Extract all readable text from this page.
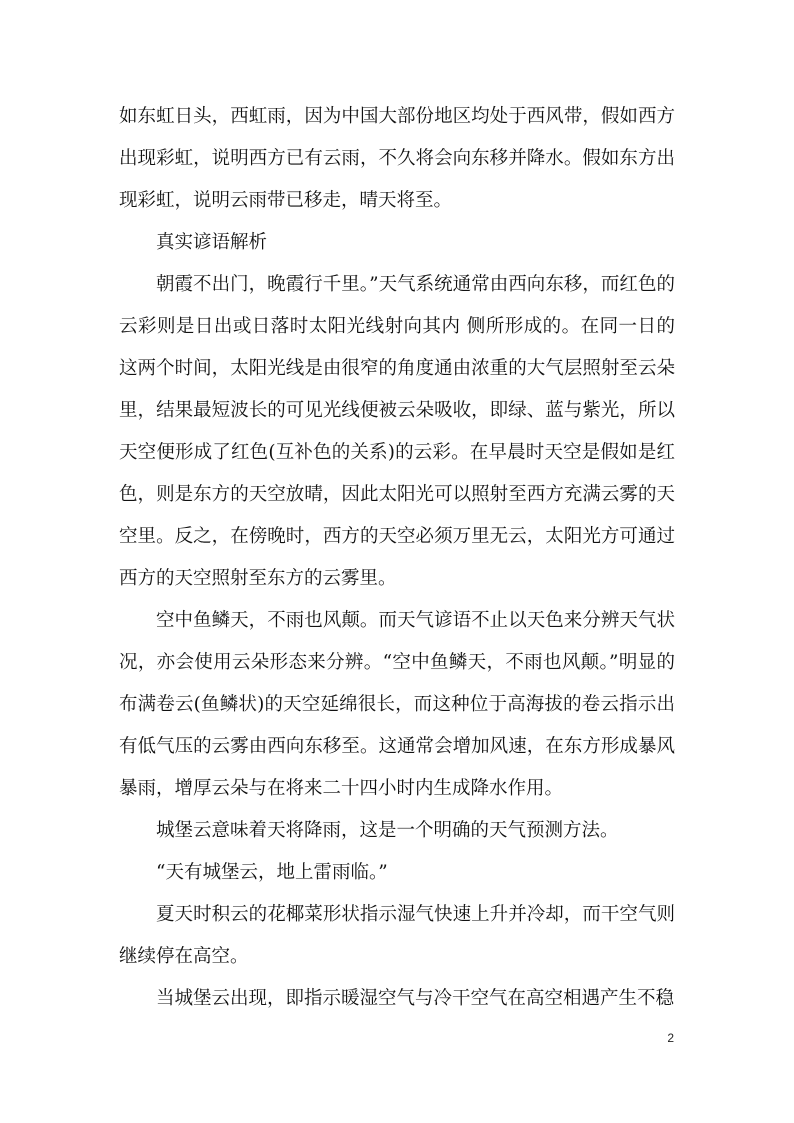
如东虹日头，西虹雨，因为中国大部份地区均处于西风带，假如西方出现彩虹，说明西方已有云雨，不久将会向东移并降水。假如东方出现彩虹，说明云雨带已移走，晴天将至。

真实谚语解析

朝霞不出门，晚霞行千里。”天气系统通常由西向东移，而红色的云彩则是日出或日落时太阳光线射向其内 侧所形成的。在同一日的这两个时间，太阳光线是由很窄的角度通由浓重的大气层照射至云朵里，结果最短波长的可见光线便被云朵吸收，即绿、蓝与紫光，所以天空便形成了红色(互补色的关系)的云彩。在早晨时天空是假如是红色，则是东方的天空放晴，因此太阳光可以照射至西方充满云雾的天空里。反之，在傍晚时，西方的天空必须万里无云，太阳光方可通过西方的天空照射至东方的云雾里。

空中鱼鳞天，不雨也风颠。而天气谚语不止以天色来分辨天气状况，亦会使用云朵形态来分辨。“空中鱼鳞天，不雨也风颠。”明显的布满卷云(鱼鳞状)的天空延绵很长，而这种位于高海拔的卷云指示出有低气压的云雾由西向东移至。这通常会增加风速，在东方形成暴风暴雨，增厚云朵与在将来二十四小时内生成降水作用。

城堡云意味着天将降雨，这是一个明确的天气预测方法。

“天有城堡云，地上雷雨临。”

夏天时积云的花椰菜形状指示湿气快速上升并冷却，而干空气则继续停在高空。

当城堡云出现，即指示暖湿空气与冷干空气在高空相遇产生不稳

2
